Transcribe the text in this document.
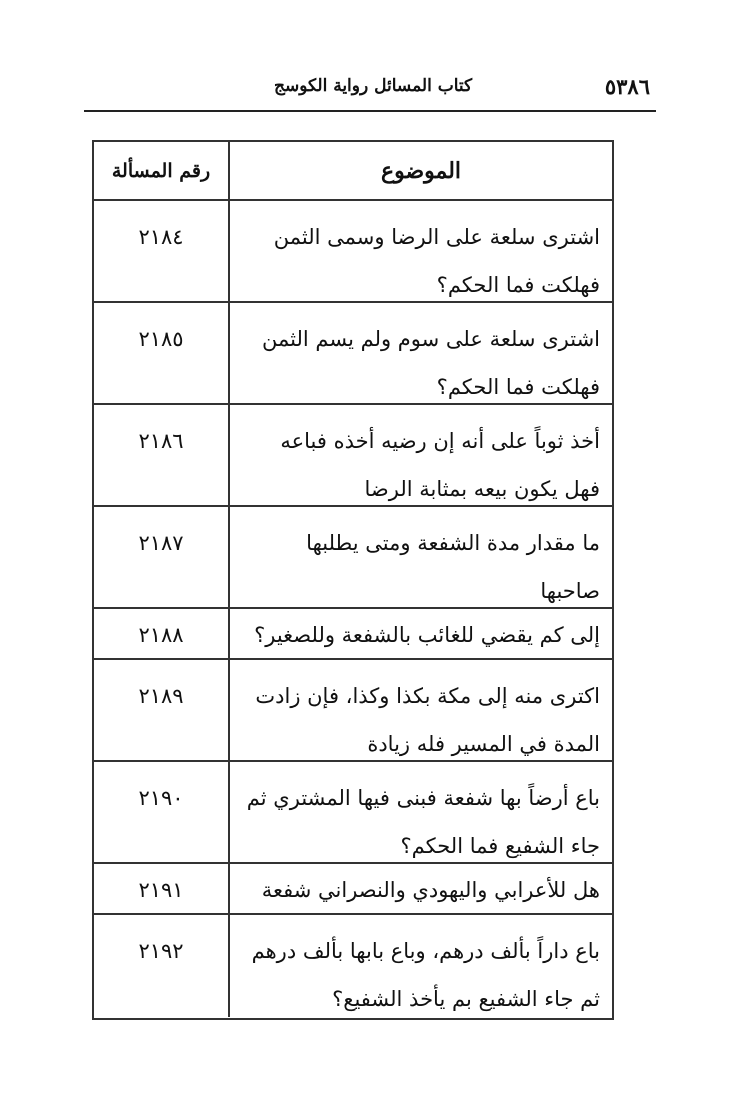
٥٣٨٦
كتاب المسائل رواية الكوسج
الموضوع
رقم المسألة
اشترى سلعة على الرضا وسمى الثمن فهلكت فما الحكم؟
٢١٨٤
اشترى سلعة على سوم ولم يسم الثمن فهلكت فما الحكم؟
٢١٨٥
أخذ ثوباً على أنه إن رضيه أخذه فباعه فهل يكون بيعه بمثابة الرضا
٢١٨٦
ما مقدار مدة الشفعة ومتى يطلبها صاحبها
٢١٨٧
إلى كم يقضي للغائب بالشفعة وللصغير؟
٢١٨٨
اكترى منه إلى مكة بكذا وكذا، فإن زادت المدة في المسير فله زيادة
٢١٨٩
باع أرضاً بها شفعة فبنى فيها المشتري ثم جاء الشفيع فما الحكم؟
٢١٩٠
هل للأعرابي واليهودي والنصراني شفعة
٢١٩١
باع داراً بألف درهم، وباع بابها بألف درهم ثم جاء الشفيع بم يأخذ الشفيع؟
٢١٩٢
